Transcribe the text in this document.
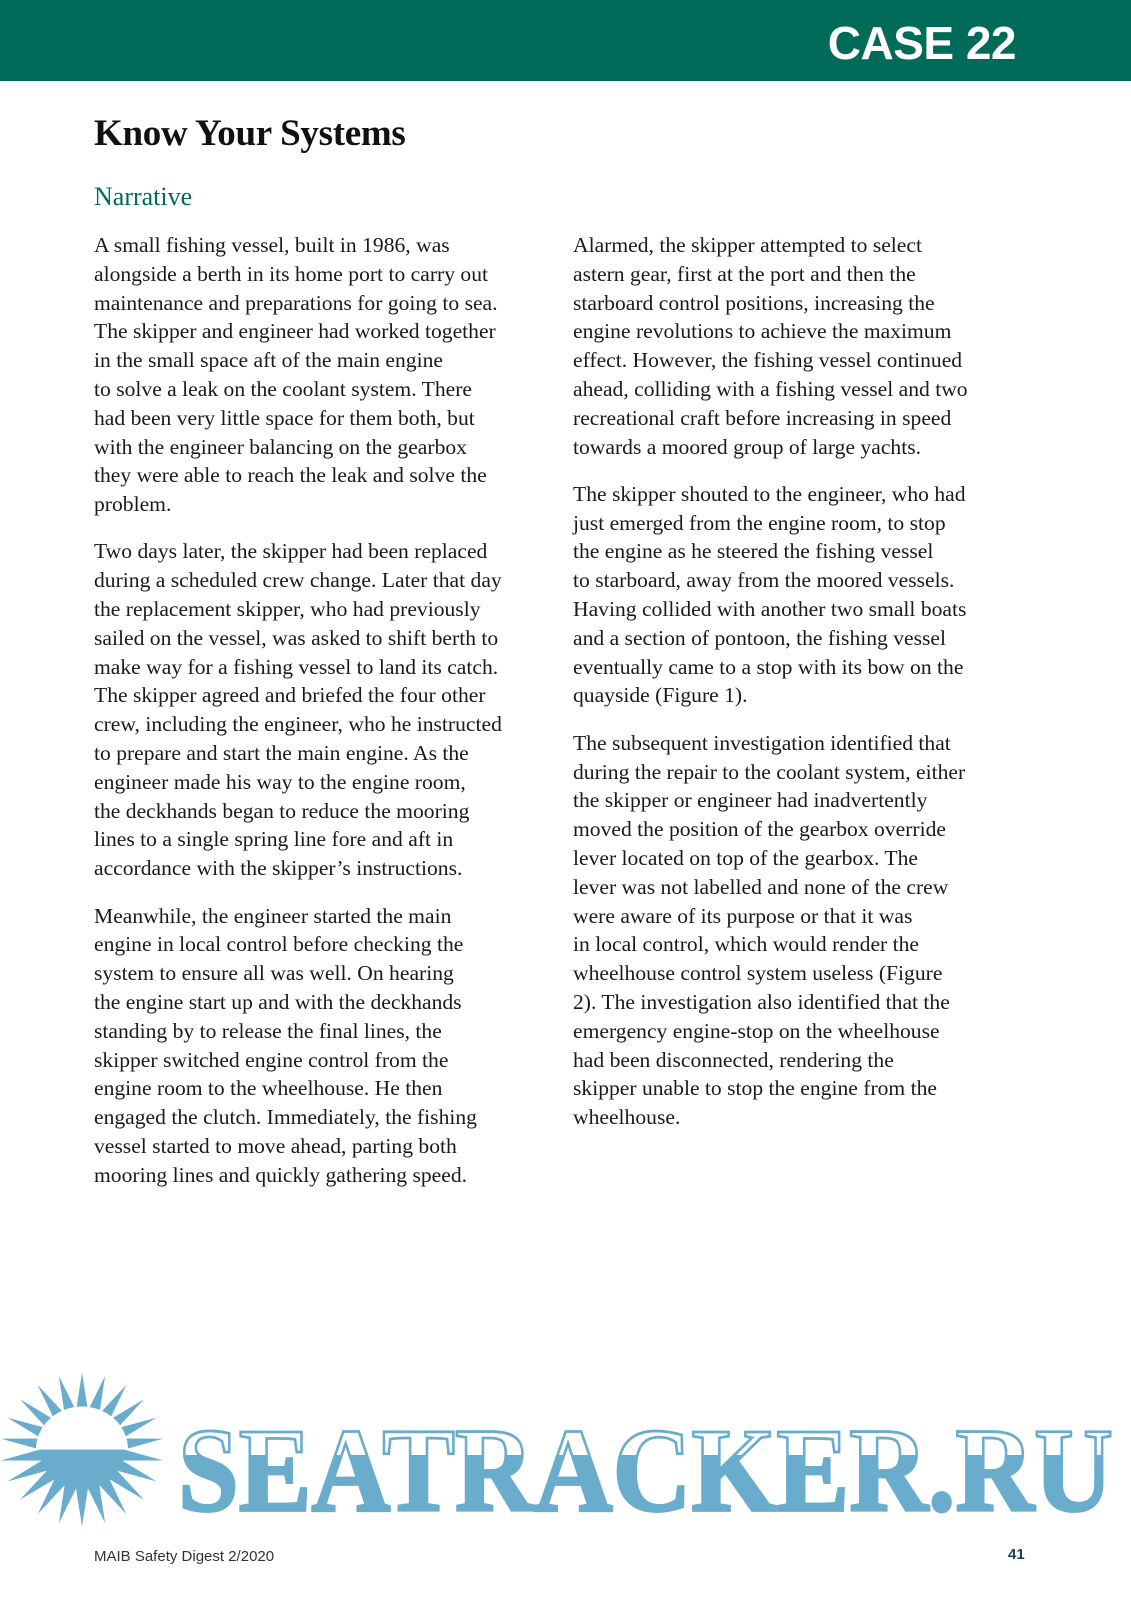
CASE 22
Know Your Systems
Narrative

A small fishing vessel, built in 1986, was
alongside a berth in its home port to carry out
maintenance and preparations for going to sea.
The skipper and engineer had worked together
in the small space aft of the main engine
to solve a leak on the coolant system. There
had been very little space for them both, but
with the engineer balancing on the gearbox
they were able to reach the leak and solve the
problem.

Two days later, the skipper had been replaced
during a scheduled crew change. Later that day
the replacement skipper, who had previously
sailed on the vessel, was asked to shift berth to
make way for a fishing vessel to land its catch.
The skipper agreed and briefed the four other
crew, including the engineer, who he instructed
to prepare and start the main engine. As the
engineer made his way to the engine room,
the deckhands began to reduce the mooring
lines to a single spring line fore and aft in
accordance with the skipper’s instructions.

Meanwhile, the engineer started the main
engine in local control before checking the
system to ensure all was well. On hearing
the engine start up and with the deckhands
standing by to release the final lines, the
skipper switched engine control from the
engine room to the wheelhouse. He then
engaged the clutch. Immediately, the fishing
vessel started to move ahead, parting both
mooring lines and quickly gathering speed.

Alarmed, the skipper attempted to select
astern gear, first at the port and then the
starboard control positions, increasing the
engine revolutions to achieve the maximum
effect. However, the fishing vessel continued
ahead, colliding with a fishing vessel and two
recreational craft before increasing in speed
towards a moored group of large yachts.

The skipper shouted to the engineer, who had
just emerged from the engine room, to stop
the engine as he steered the fishing vessel
to starboard, away from the moored vessels.
Having collided with another two small boats
and a section of pontoon, the fishing vessel
eventually came to a stop with its bow on the
quayside (Figure 1).

The subsequent investigation identified that
during the repair to the coolant system, either
the skipper or engineer had inadvertently
moved the position of the gearbox override
lever located on top of the gearbox. The
lever was not labelled and none of the crew
were aware of its purpose or that it was
in local control, which would render the
wheelhouse control system useless (Figure
2). The investigation also identified that the
emergency engine-stop on the wheelhouse
had been disconnected, rendering the
skipper unable to stop the engine from the
wheelhouse.

SEATRACKER.RU
MAIB Safety Digest 2/2020	41
